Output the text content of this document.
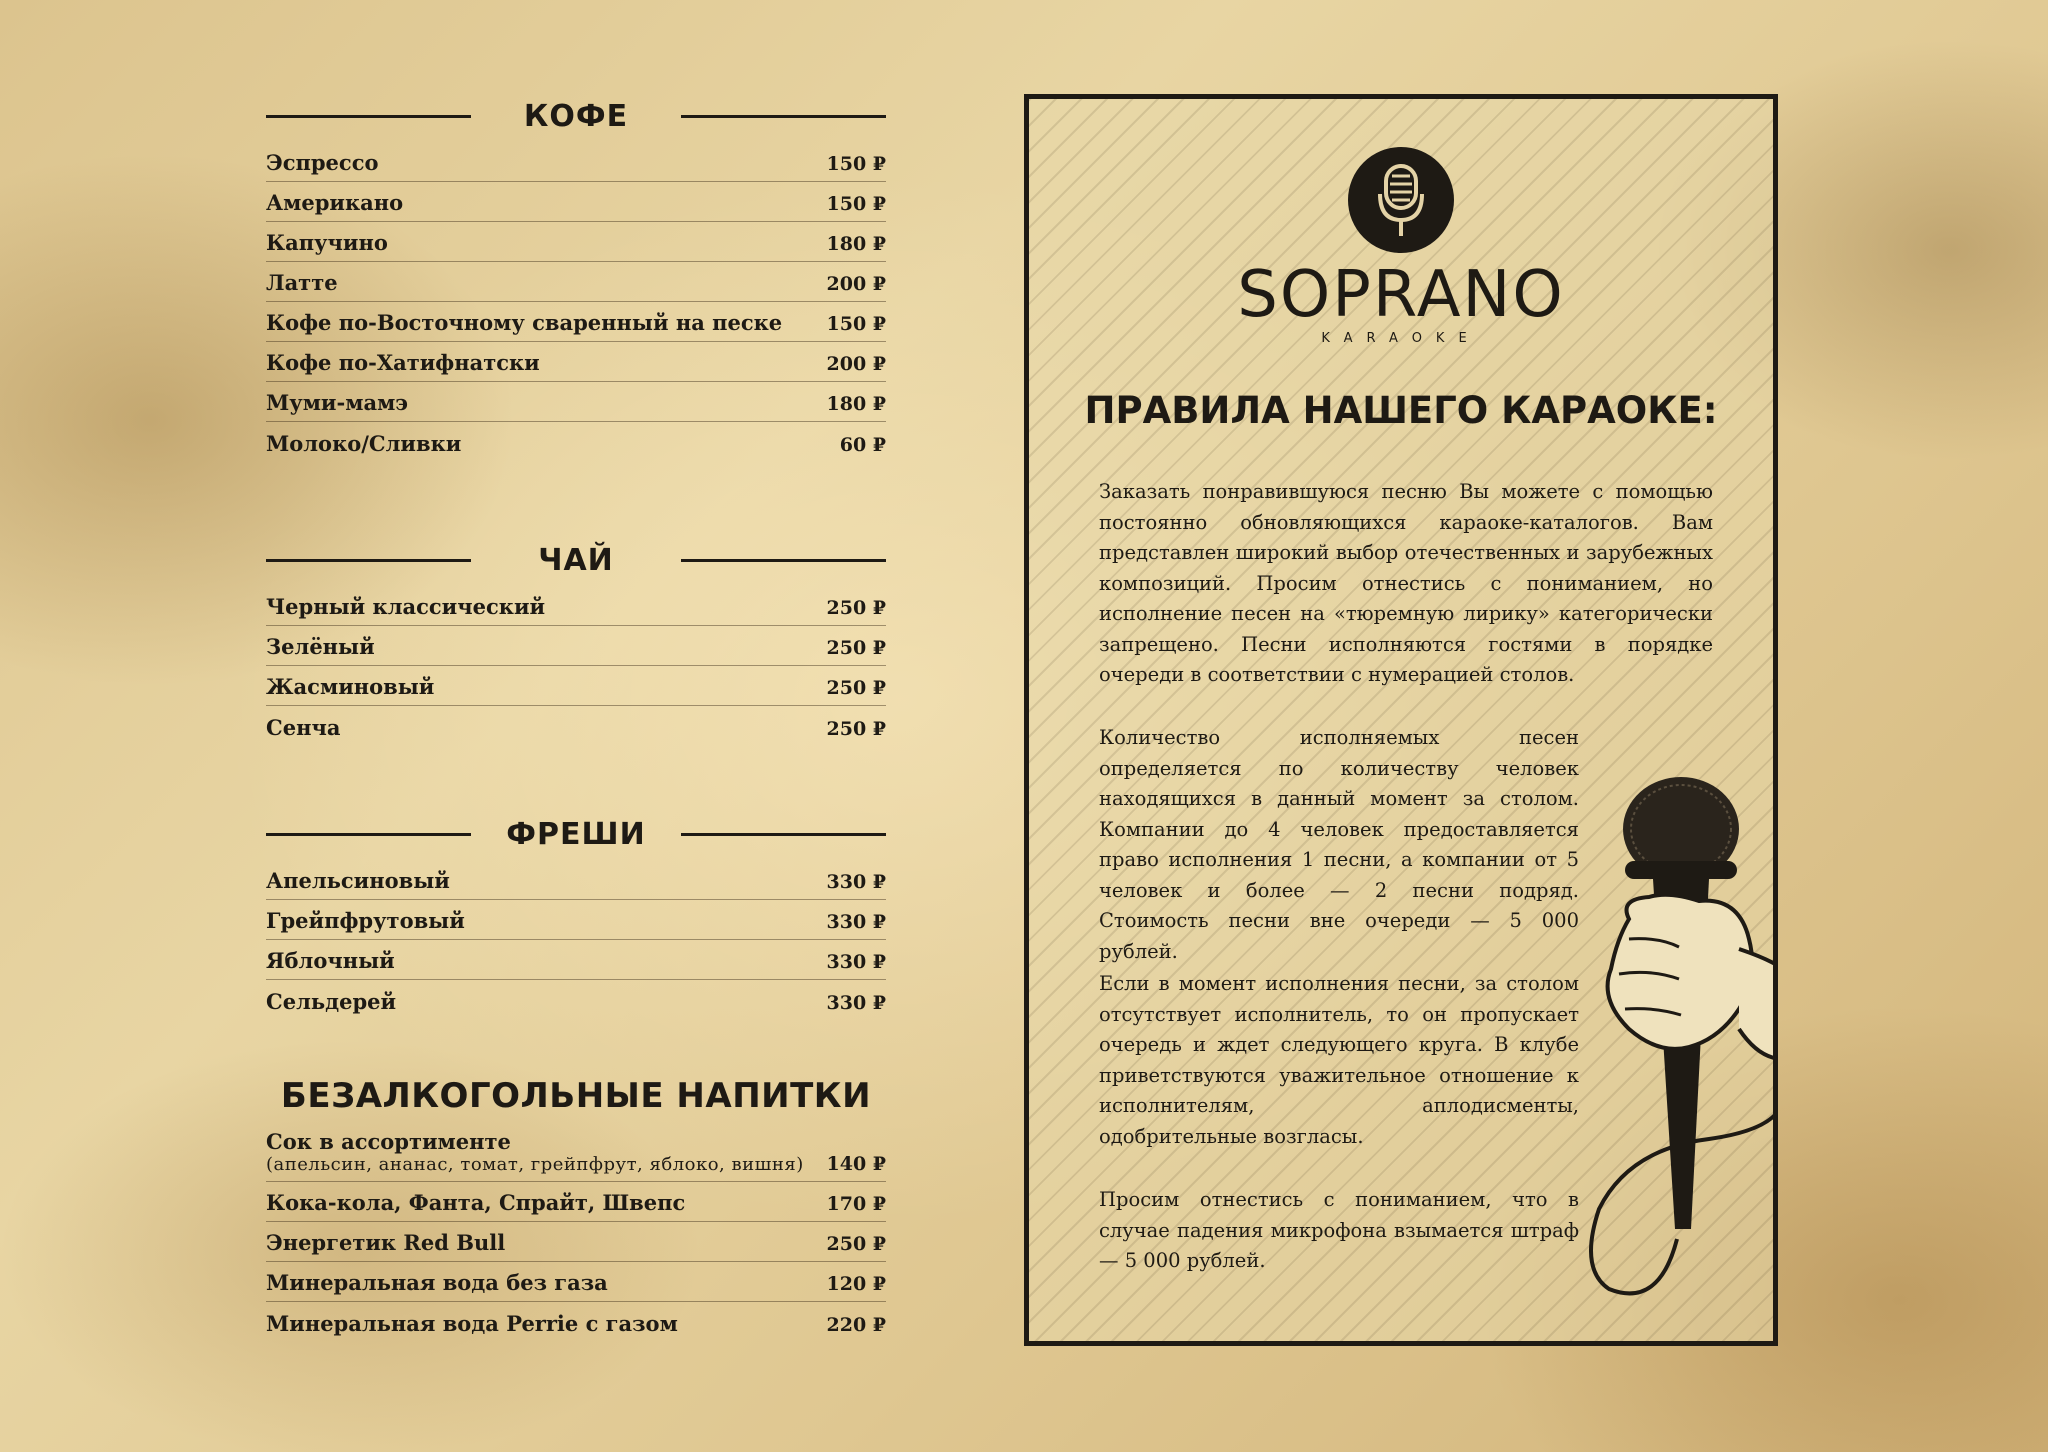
КОФЕ
Эспрессо	150 ₽
Американо	150 ₽
Капучино	180 ₽
Латте	200 ₽
Кофе по-Восточному сваренный на песке 150 ₽
Кофе по-Хатифнатски	200 ₽
Муми-мамэ	180 ₽
Молоко/Сливки	60 ₽
ЧАЙ
Черный классический	250 ₽
Зелёный	250 ₽
Жасминовый	250 ₽
Сенча	250 ₽
ФРЕШИ
Апельсиновый	330 ₽
Грейпфрутовый	330 ₽
Яблочный	330 ₽
Сельдерей	330 ₽
БЕЗАЛКОГОЛЬНЫЕ НАПИТКИ
Сок в ассортименте
(апельсин, ананас, томат, грейпфрут, яблоко, вишня) 140 ₽
Кока-кола, Фанта, Спрайт, Швепс	170 ₽
Энергетик Red Bull	250 ₽
Минеральная вода без газа	120 ₽
Минеральная вода Perrie с газом	220 ₽
SOPRANO
KARAOKE
ПРАВИЛА НАШЕГО КАРАОКЕ:

Заказать понравившуюся песню Вы можете с помощью постоянно обновляющихся караоке-каталогов. Вам представлен широкий выбор отечественных и зарубежных композиций. Просим отнестись с пониманием, но исполнение песен на «тюремную лирику» категорически запрещено. Песни исполняются гостями в порядке очереди в соответствии с нумерацией столов.

Количество исполняемых песен определяется по количеству человек находящихся в данный момент за столом. Компании до 4 человек предоставляется право исполнения 1 песни, а компании от 5 человек и более — 2 песни подряд. Стоимость песни вне очереди — 5 000 рублей.

Если в момент исполнения песни, за столом отсутствует исполнитель, то он пропускает очередь и ждет следующего круга. В клубе приветствуются уважительное отношение к исполнителям, аплодисменты, одобрительные возгласы.

Просим отнестись с пониманием, что в случае падения микрофона взымается штраф — 5 000 рублей.
